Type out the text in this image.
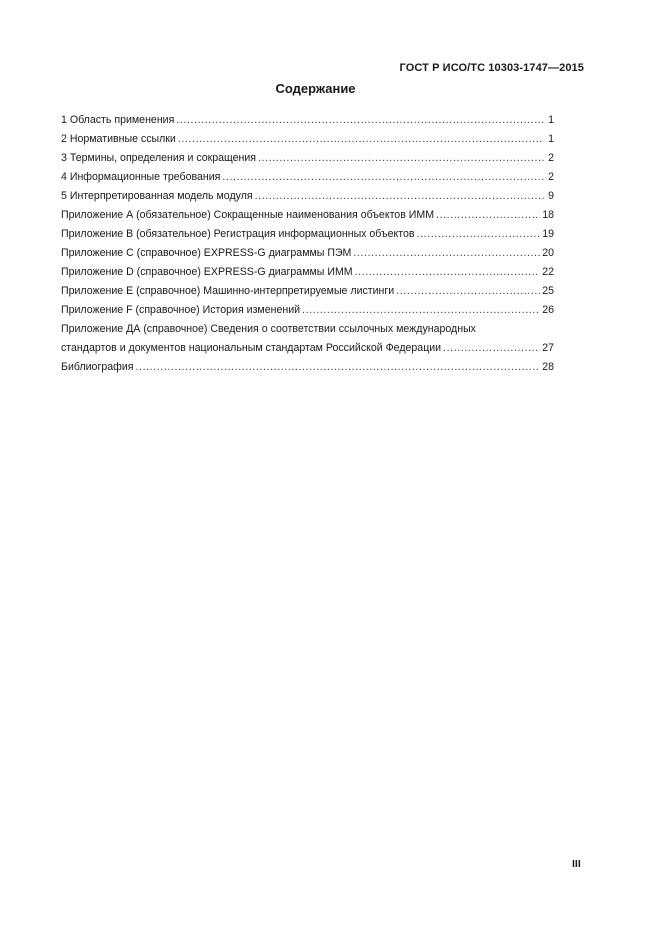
ГОСТ Р ИСО/ТС 10303-1747—2015
Содержание
1 Область применения .....	1
2 Нормативные ссылки .....	1
3 Термины, определения и сокращения .....	2
4 Информационные требования .....	2
5 Интерпретированная модель модуля .....	9
Приложение А (обязательное) Сокращенные наименования объектов ИММ .....	18
Приложение В (обязательное) Регистрация информационных объектов .....	19
Приложение С (справочное) EXPRESS-G диаграммы ПЭМ .....	20
Приложение D (справочное) EXPRESS-G диаграммы ИММ .....	22
Приложение Е (справочное) Машинно-интерпретируемые листинги .....	25
Приложение F (справочное) История изменений .....	26
Приложение ДА (справочное) Сведения о соответствии ссылочных международных
стандартов и документов национальным стандартам Российской Федерации .....	27
Библиография .....	28
III
